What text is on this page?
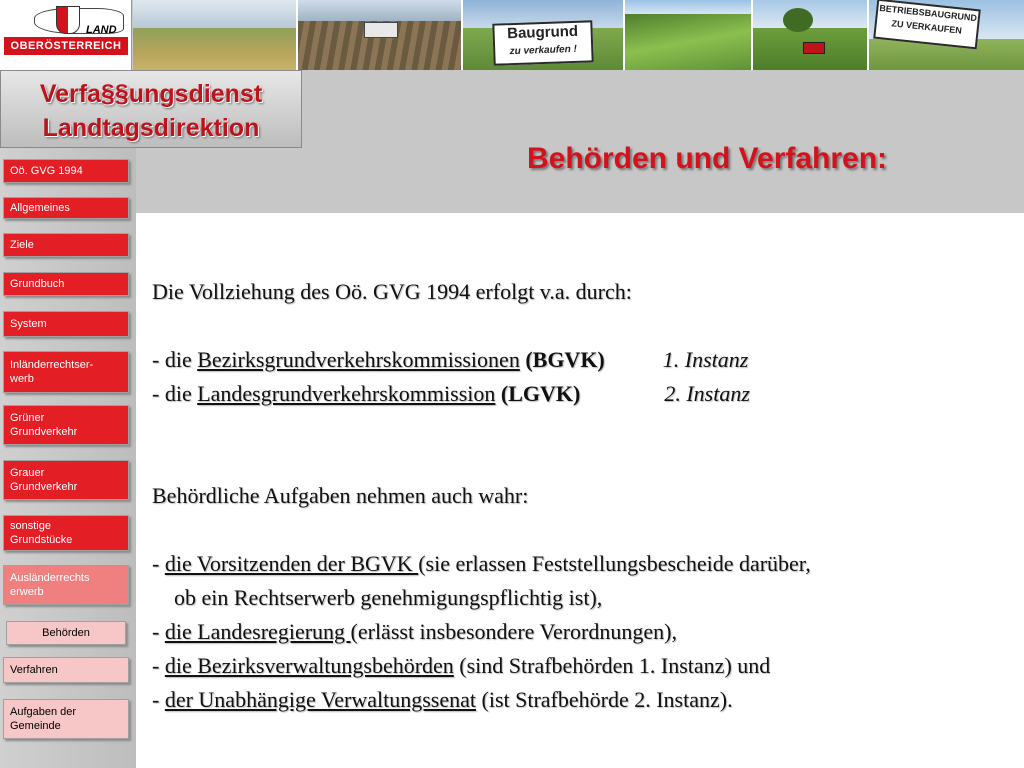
LAND
OBERÖSTERREICH
Baugrund
zu verkaufen !
BETRIEBSBAUGRUND
ZU VERKAUFEN
Verfa§§ungsdienst
Landtagsdirektion
Behörden und Verfahren:
Oö. GVG 1994
Allgemeines
Ziele
Grundbuch
System
Inländerrechtser-
werb
Grüner
Grundverkehr
Grauer
Grundverkehr
sonstige
Grundstücke
Ausländerrechts
erwerb
Behörden
Verfahren
Aufgaben der
Gemeinde

Die Vollziehung des Oö. GVG 1994 erfolgt v.a. durch:

- die Bezirksgrundverkehrskommissionen (BGVK)	1. Instanz

- die Landesgrundverkehrskommission (LGVK)	2. Instanz

Behördliche Aufgaben nehmen auch wahr:

- die Vorsitzenden der BGVK (sie erlassen Feststellungsbescheide darüber,

ob ein Rechtserwerb genehmigungspflichtig ist),

- die Landesregierung (erlässt insbesondere Verordnungen),

- die Bezirksverwaltungsbehörden (sind Strafbehörden 1. Instanz) und

- der Unabhängige Verwaltungssenat (ist Strafbehörde 2. Instanz).
